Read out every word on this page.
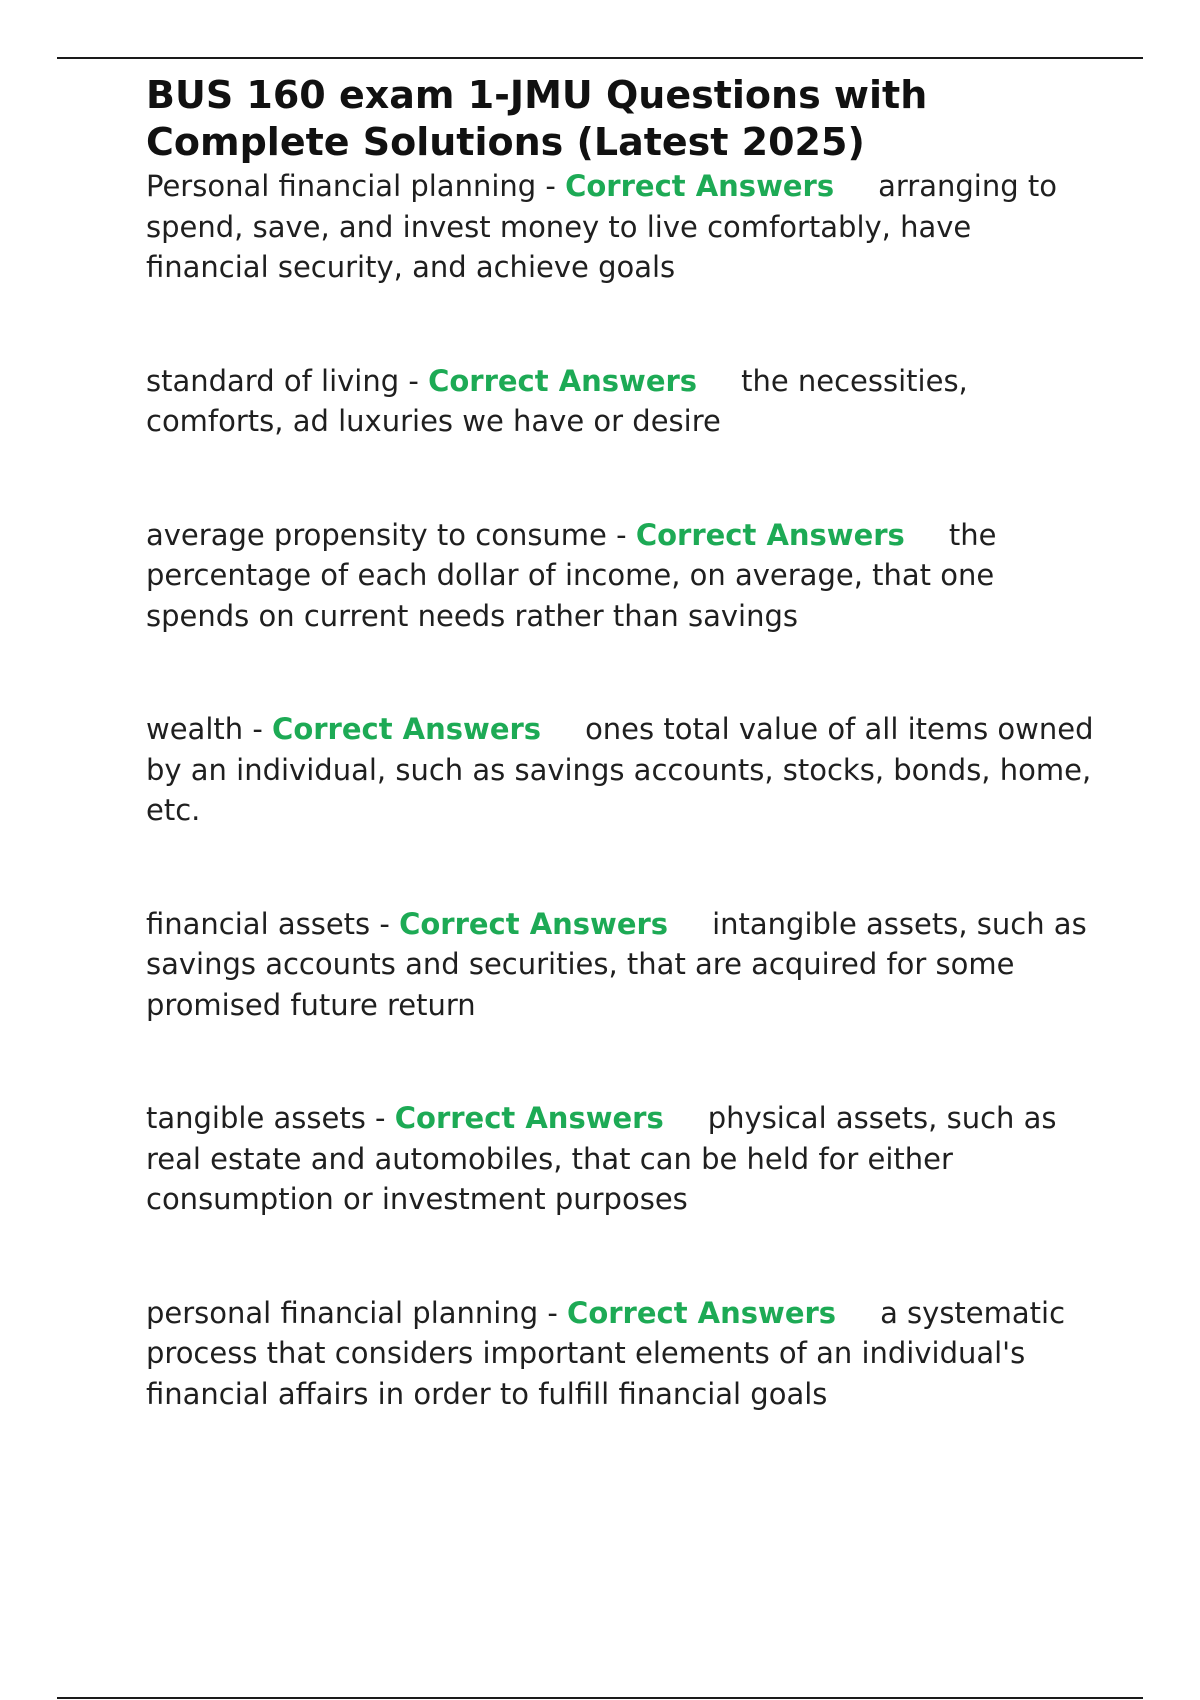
BUS 160 exam 1-JMU Questions with Complete Solutions (Latest 2025)
Personal financial planning - Correct Answers arranging to spend, save, and invest money to live comfortably, have financial security, and achieve goals
standard of living - Correct Answers the necessities, comforts, ad luxuries we have or desire
average propensity to consume - Correct Answers the percentage of each dollar of income, on average, that one spends on current needs rather than savings
wealth - Correct Answers ones total value of all items owned by an individual, such as savings accounts, stocks, bonds, home, etc.
financial assets - Correct Answers intangible assets, such as savings accounts and securities, that are acquired for some promised future return
tangible assets - Correct Answers physical assets, such as real estate and automobiles, that can be held for either consumption or investment purposes
personal financial planning - Correct Answers a systematic process that considers important elements of an individual's financial affairs in order to fulfill financial goals
